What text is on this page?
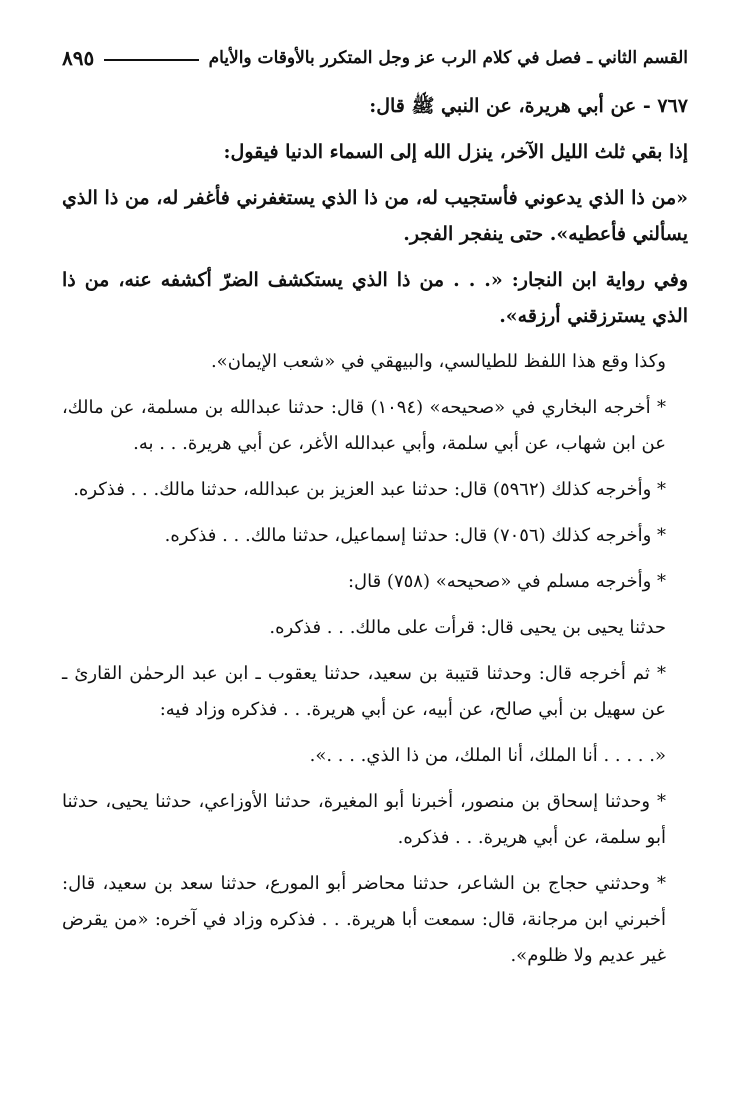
القسم الثاني ـ فصل في كلام الرب عز وجل المتكرر بالأوقات والأيام
٨٩٥

٧٦٧ - عن أبي هريرة، عن النبي ﷺ قال:

إذا بقي ثلث الليل الآخر، ينزل الله إلى السماء الدنيا فيقول:

«من ذا الذي يدعوني فأستجيب له، من ذا الذي يستغفرني فأغفر له، من ذا الذي يسألني فأعطيه». حتى ينفجر الفجر.

وفي رواية ابن النجار: «. . . من ذا الذي يستكشف الضرّ أكشفه عنه، من ذا الذي يسترزقني أرزقه».

وكذا وقع هذا اللفظ للطيالسي، والبيهقي في «شعب الإيمان».

* أخرجه البخاري في «صحيحه» (١٠٩٤) قال: حدثنا عبدالله بن مسلمة، عن مالك، عن ابن شهاب، عن أبي سلمة، وأبي عبدالله الأغر، عن أبي هريرة. . . به.

* وأخرجه كذلك (٥٩٦٢) قال: حدثنا عبد العزيز بن عبدالله، حدثنا مالك. . . فذكره.

* وأخرجه كذلك (٧٠٥٦) قال: حدثنا إسماعيل، حدثنا مالك. . . فذكره.

* وأخرجه مسلم في «صحيحه» (٧٥٨) قال:

حدثنا يحيى بن يحيى قال: قرأت على مالك. . . فذكره.

* ثم أخرجه قال: وحدثنا قتيبة بن سعيد، حدثنا يعقوب ـ ابن عبد الرحمٰن القارئ ـ عن سهيل بن أبي صالح، عن أبيه، عن أبي هريرة. . . فذكره وزاد فيه:

«. . . . . أنا الملك، أنا الملك، من ذا الذي. . . .».

* وحدثنا إسحاق بن منصور، أخبرنا أبو المغيرة، حدثنا الأوزاعي، حدثنا يحيى، حدثنا أبو سلمة، عن أبي هريرة. . . فذكره.

* وحدثني حجاج بن الشاعر، حدثنا محاضر أبو المورع، حدثنا سعد بن سعيد، قال: أخبرني ابن مرجانة، قال: سمعت أبا هريرة. . . فذكره وزاد في آخره: «من يقرض غير عديم ولا ظلوم».
